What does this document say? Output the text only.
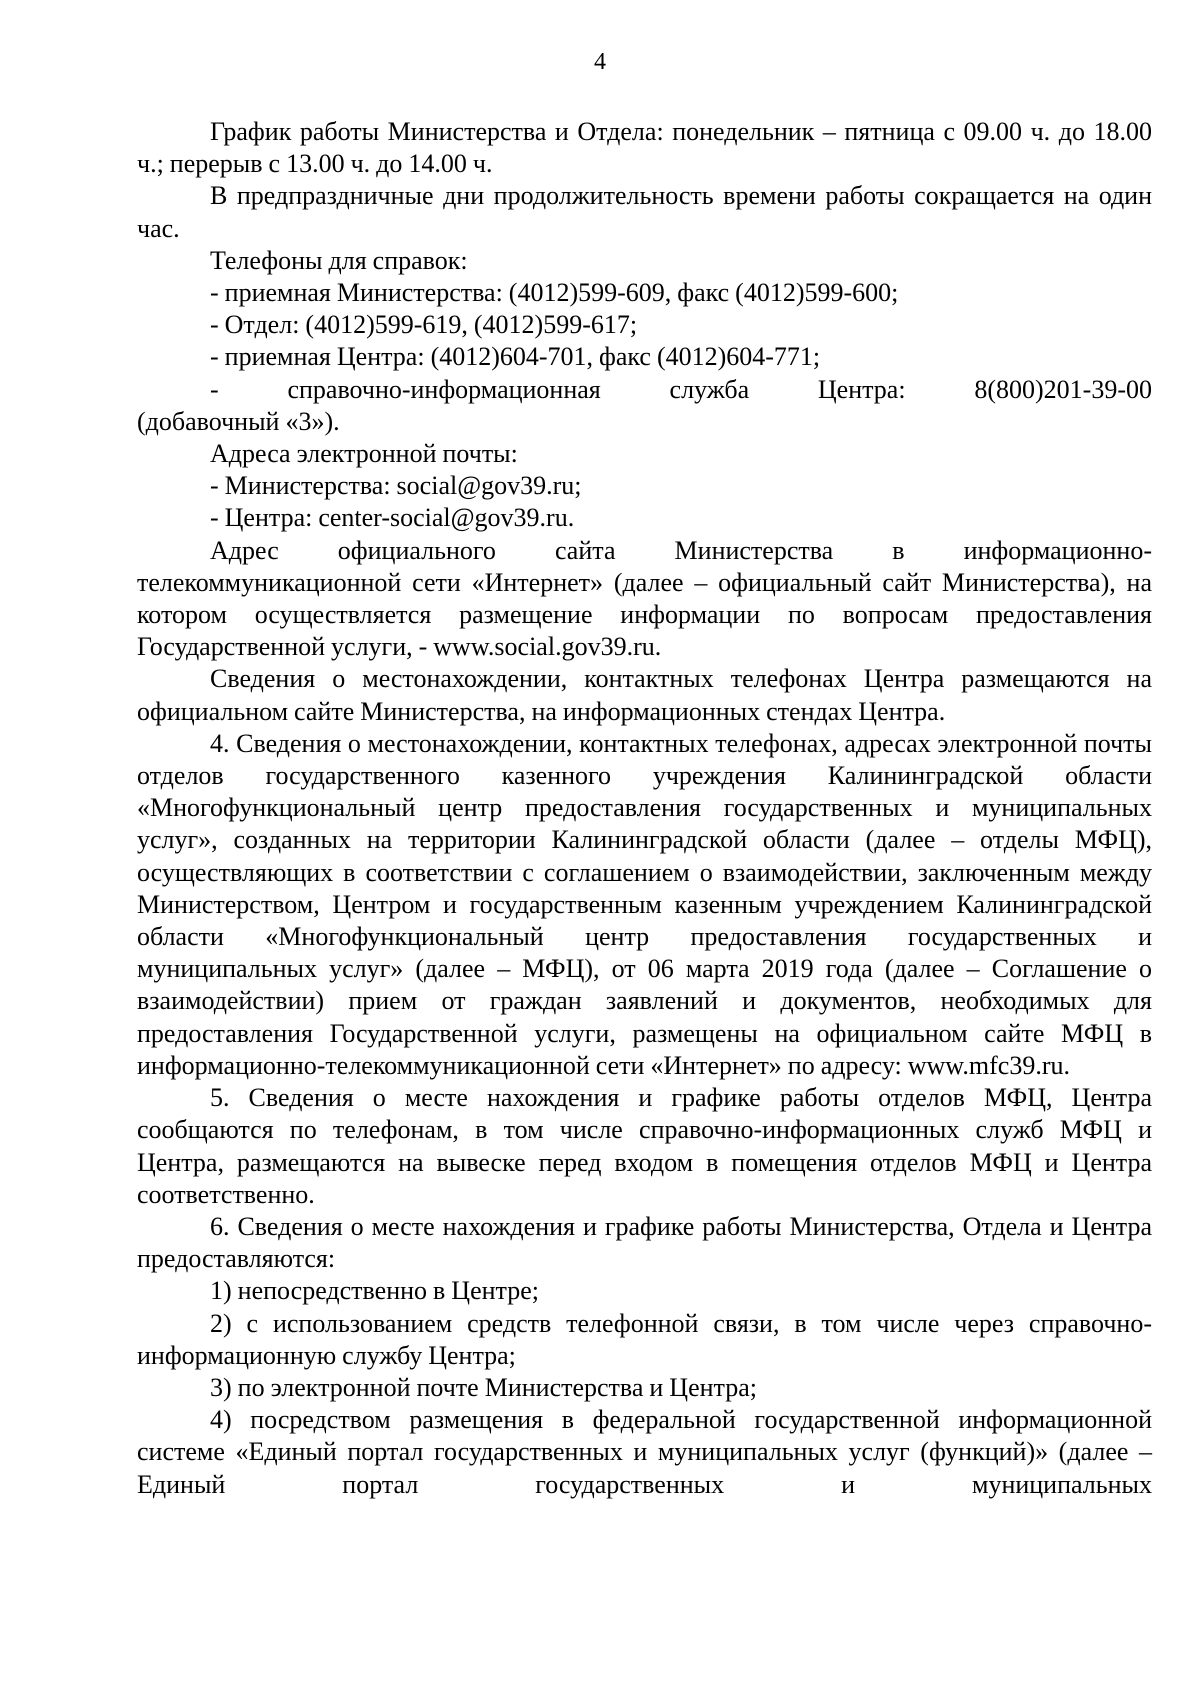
4

График работы Министерства и Отдела: понедельник – пятница с 09.00 ч. до 18.00 ч.; перерыв с 13.00 ч. до 14.00 ч.

В предпраздничные дни продолжительность времени работы сокращается на один час.

Телефоны для справок:

- приемная Министерства: (4012)599-609, факс (4012)599-600;

- Отдел: (4012)599-619, (4012)599-617;

- приемная Центра: (4012)604-701, факс (4012)604-771;

- справочно-информационная служба Центра: 8(800)201-39-00
(добавочный «3»).

Адреса электронной почты:

- Министерства: social@gov39.ru;

- Центра: center-social@gov39.ru.

Адрес официального сайта Министерства в информационно-

телекоммуникационной сети «Интернет» (далее – официальный сайт Министерства), на котором осуществляется размещение информации по вопросам предоставления Государственной услуги, - www.social.gov39.ru.

Сведения о местонахождении, контактных телефонах Центра размещаются на официальном сайте Министерства, на информационных стендах Центра.

4. Сведения о местонахождении, контактных телефонах, адресах электронной почты отделов государственного казенного учреждения Калининградской области «Многофункциональный центр предоставления государственных и муниципальных услуг», созданных на территории Калининградской области (далее – отделы МФЦ), осуществляющих в соответствии с соглашением о взаимодействии, заключенным между Министерством, Центром и государственным казенным учреждением Калининградской области «Многофункциональный центр предоставления государственных и муниципальных услуг» (далее – МФЦ), от 06 марта 2019 года (далее – Соглашение о взаимодействии) прием от граждан заявлений и документов, необходимых для предоставления Государственной услуги, размещены на официальном сайте МФЦ в информационно-телекоммуникационной сети «Интернет» по адресу: www.mfc39.ru.

5. Сведения о месте нахождения и графике работы отделов МФЦ, Центра сообщаются по телефонам, в том числе справочно-информационных служб МФЦ и Центра, размещаются на вывеске перед входом в помещения отделов МФЦ и Центра соответственно.

6. Сведения о месте нахождения и графике работы Министерства, Отдела и Центра предоставляются:

1) непосредственно в Центре;

2) с использованием средств телефонной связи, в том числе через справочно-информационную службу Центра;

3) по электронной почте Министерства и Центра;

4) посредством размещения в федеральной государственной информационной системе «Единый портал государственных и муниципальных услуг (функций)» (далее – Единый портал государственных и муниципальных
